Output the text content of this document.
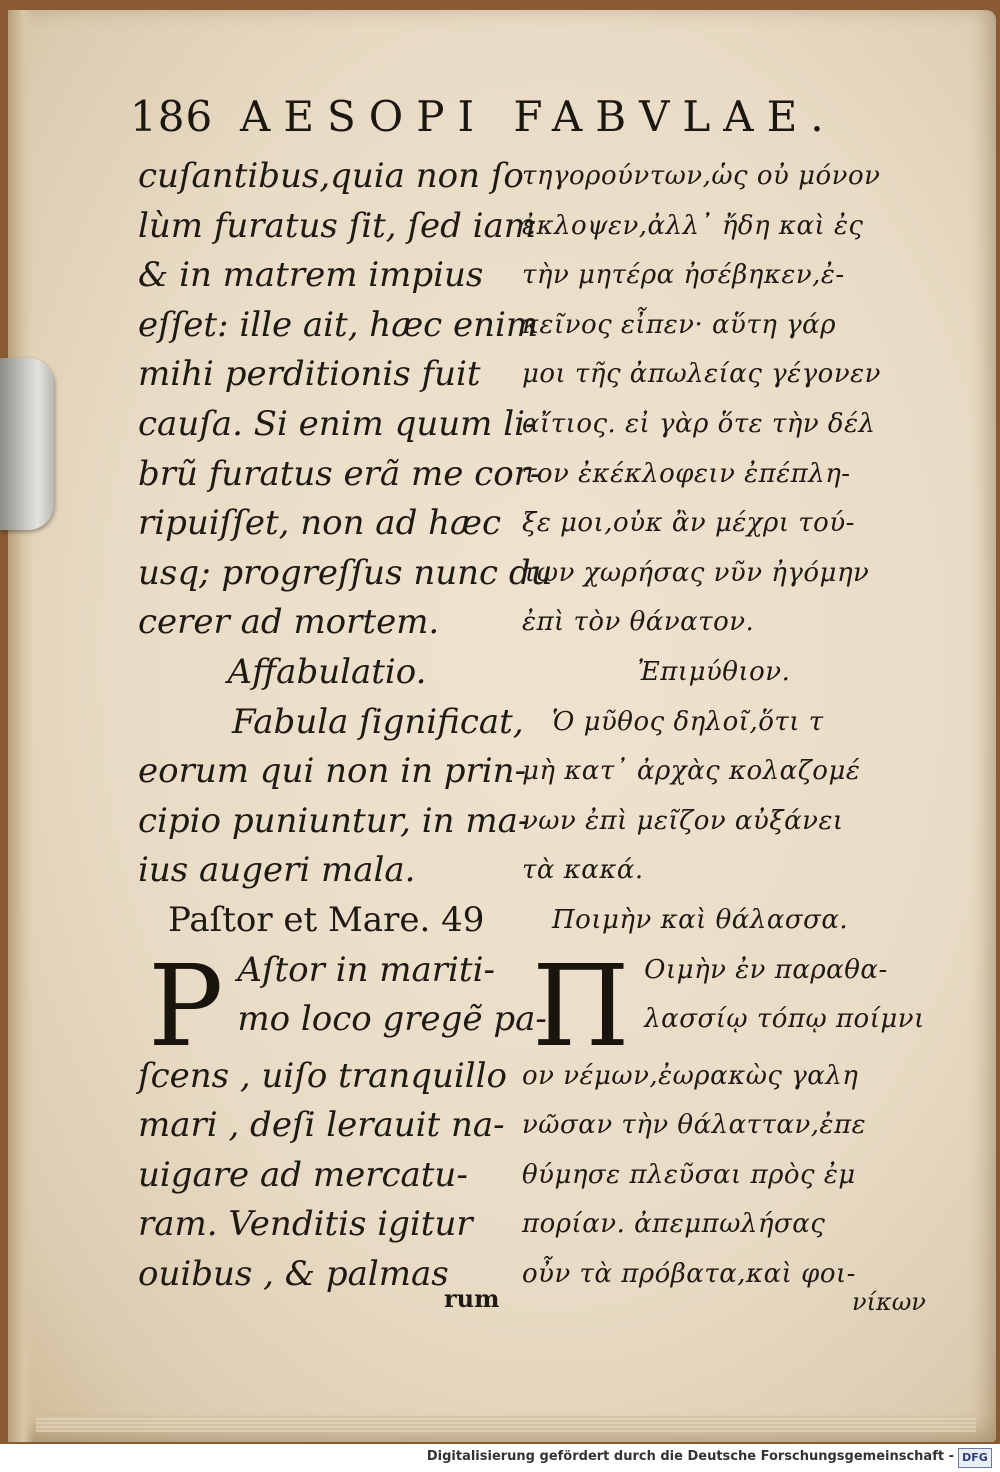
186 AESOPI FABVLAE.
cuſantibus,quia non ſo
lùm furatus ſit, ſed iam
& in matrem impius
eſſet: ille ait, hæc enim
mihi perditionis fuit
cauſa. Si enim quum li-
brũ furatus erã me cor-
ripuiſſet, non ad hæc
usq; progreſſus nunc du
cerer ad mortem.
Affabulatio.
Fabula ſignificat,
eorum qui non in prin-
cipio puniuntur, in ma-
ius augeri mala.
Paſtor et Mare. 49
P Aſtor in mariti-
mo loco gregẽ pa-
ſcens , uiſo tranquillo
mari , deſi lerauit na-
uigare ad mercatu-
ram. Venditis igitur
ouibus , & palmas
τηγορούντων,ὡς οὐ μόνον
ἐκλοψεν,ἀλλ᾽ ἤδη καὶ ἐς
τὴν μητέρα ἠσέβηκεν,ἐ-
κεῖνος εἶπεν· αὕτη γάρ
μοι τῆς ἀπωλείας γέγονεν
αἴτιος. εἰ γὰρ ὅτε τὴν δέλ
τον ἐκέκλοφειν ἐπέπλη-
ξε μοι,οὐκ ἂν μέχρι τού-
των χωρήσας νῦν ἠγόμην
ἐπὶ τὸν θάνατον.
Ἐπιμύθιον.
Ὁ μῦθος δηλοῖ,ὅτι τ
μὴ κατ᾽ ἀρχὰς κολαζομέ
νων ἐπὶ μεῖζον αὐξάνει
τὰ κακά.
Ποιμὴν καὶ θάλασσα.
Π Οιμὴν ἐν παραθα-
λασσίῳ τόπῳ ποίμνι
ον νέμων,ἐωρακὼς γαλη
νῶσαν τὴν θάλατταν,ἐπε
θύμησε πλεῦσαι πρὸς ἐμ
πορίαν. ἀπεμπωλήσας
οὖν τὰ πρόβατα,καὶ φοι-
rum	νίκων
Digitalisierung gefördert durch die Deutsche Forschungsgemeinschaft - DFG
